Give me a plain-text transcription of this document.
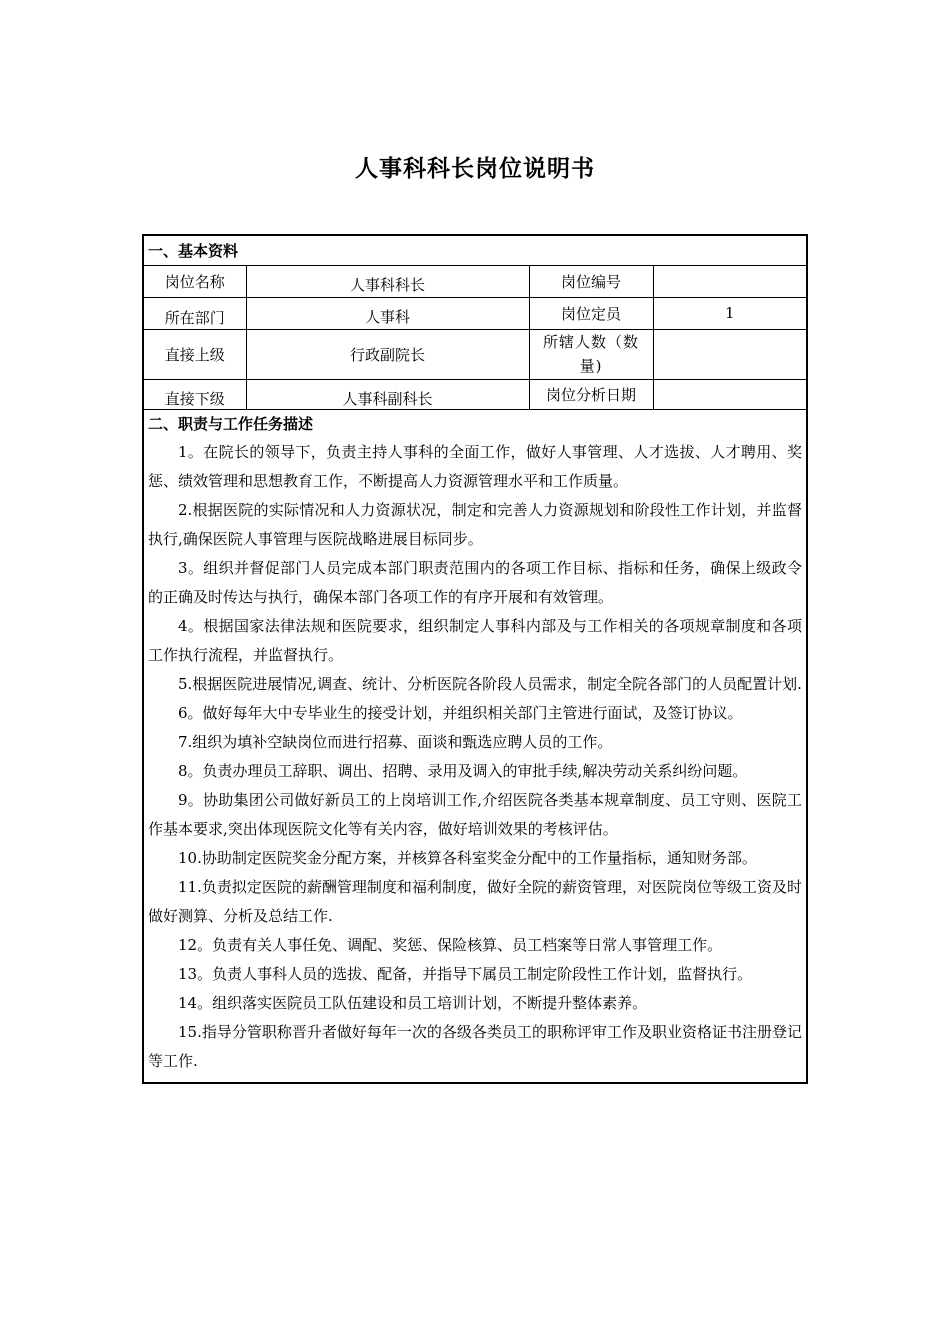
人事科科长岗位说明书
一、基本资料
岗位名称	人事科科长	岗位编号	
所在部门	人事科	岗位定员	1
直接上级	行政副院长	所辖人数（数量)	
直接下级	人事科副科长	岗位分析日期	
二、职责与工作任务描述

1。在院长的领导下，负责主持人事科的全面工作，做好人事管理、人才选拔、人才聘用、奖惩、绩效管理和思想教育工作，不断提高人力资源管理水平和工作质量。

2.根据医院的实际情况和人力资源状况，制定和完善人力资源规划和阶段性工作计划，并监督执行,确保医院人事管理与医院战略进展目标同步。

3。组织并督促部门人员完成本部门职责范围内的各项工作目标、指标和任务，确保上级政令的正确及时传达与执行，确保本部门各项工作的有序开展和有效管理。

4。根据国家法律法规和医院要求，组织制定人事科内部及与工作相关的各项规章制度和各项工作执行流程，并监督执行。

5.根据医院进展情况,调查、统计、分析医院各阶段人员需求，制定全院各部门的人员配置计划.

6。做好每年大中专毕业生的接受计划，并组织相关部门主管进行面试，及签订协议。

7.组织为填补空缺岗位而进行招募、面谈和甄选应聘人员的工作。

8。负责办理员工辞职、调出、招聘、录用及调入的审批手续,解决劳动关系纠纷问题。

9。协助集团公司做好新员工的上岗培训工作,介绍医院各类基本规章制度、员工守则、医院工作基本要求,突出体现医院文化等有关内容，做好培训效果的考核评估。

10.协助制定医院奖金分配方案，并核算各科室奖金分配中的工作量指标，通知财务部。

11.负责拟定医院的薪酬管理制度和福利制度，做好全院的薪资管理，对医院岗位等级工资及时做好测算、分析及总结工作.

12。负责有关人事任免、调配、奖惩、保险核算、员工档案等日常人事管理工作。

13。负责人事科人员的选拔、配备，并指导下属员工制定阶段性工作计划，监督执行。

14。组织落实医院员工队伍建设和员工培训计划，不断提升整体素养。

15.指导分管职称晋升者做好每年一次的各级各类员工的职称评审工作及职业资格证书注册登记等工作.
